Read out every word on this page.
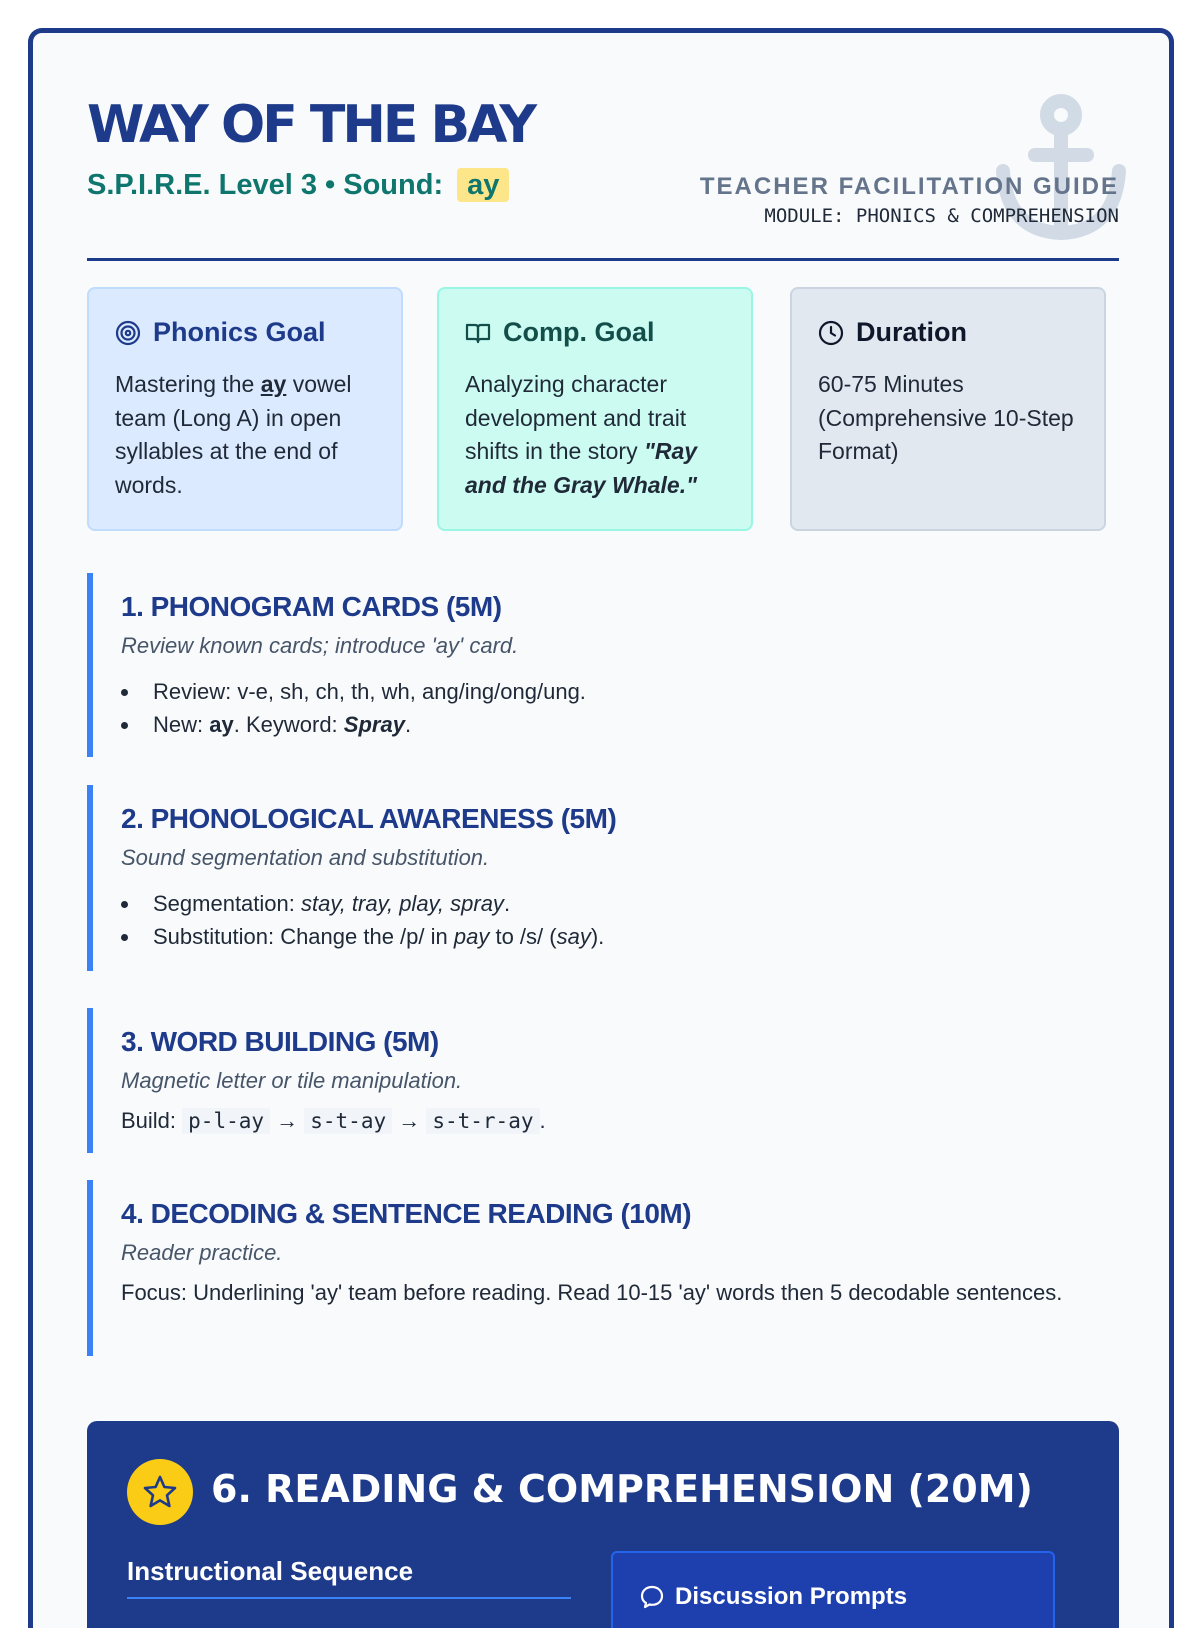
WAY OF THE BAY
S.P.I.R.E. Level 3 • Sound: ay	TEACHER FACILITATION GUIDE
MODULE: PHONICS & COMPREHENSION
Phonics Goal
Mastering the ay vowel team (Long A) in open syllables at the end of words.
Comp. Goal
Analyzing character development and trait shifts in the story "Ray and the Gray Whale."
Duration
60-75 Minutes (Comprehensive 10-Step Format)
1. PHONOGRAM CARDS (5M)
Review known cards; introduce 'ay' card.
Review: v-e, sh, ch, th, wh, ang/ing/ong/ung.
New: ay. Keyword: Spray.
2. PHONOLOGICAL AWARENESS (5M)
Sound segmentation and substitution.
Segmentation: stay, tray, play, spray.
Substitution: Change the /p/ in pay to /s/ (say).
3. WORD BUILDING (5M)
Magnetic letter or tile manipulation.
Build: p-l-ay → s-t-ay → s-t-r-ay .
4. DECODING & SENTENCE READING (10M)
Reader practice.
Focus: Underlining 'ay' team before reading. Read 10-15 'ay' words then 5 decodable sentences.
6. READING & COMPREHENSION (20M)
Instructional Sequence
Discussion Prompts
